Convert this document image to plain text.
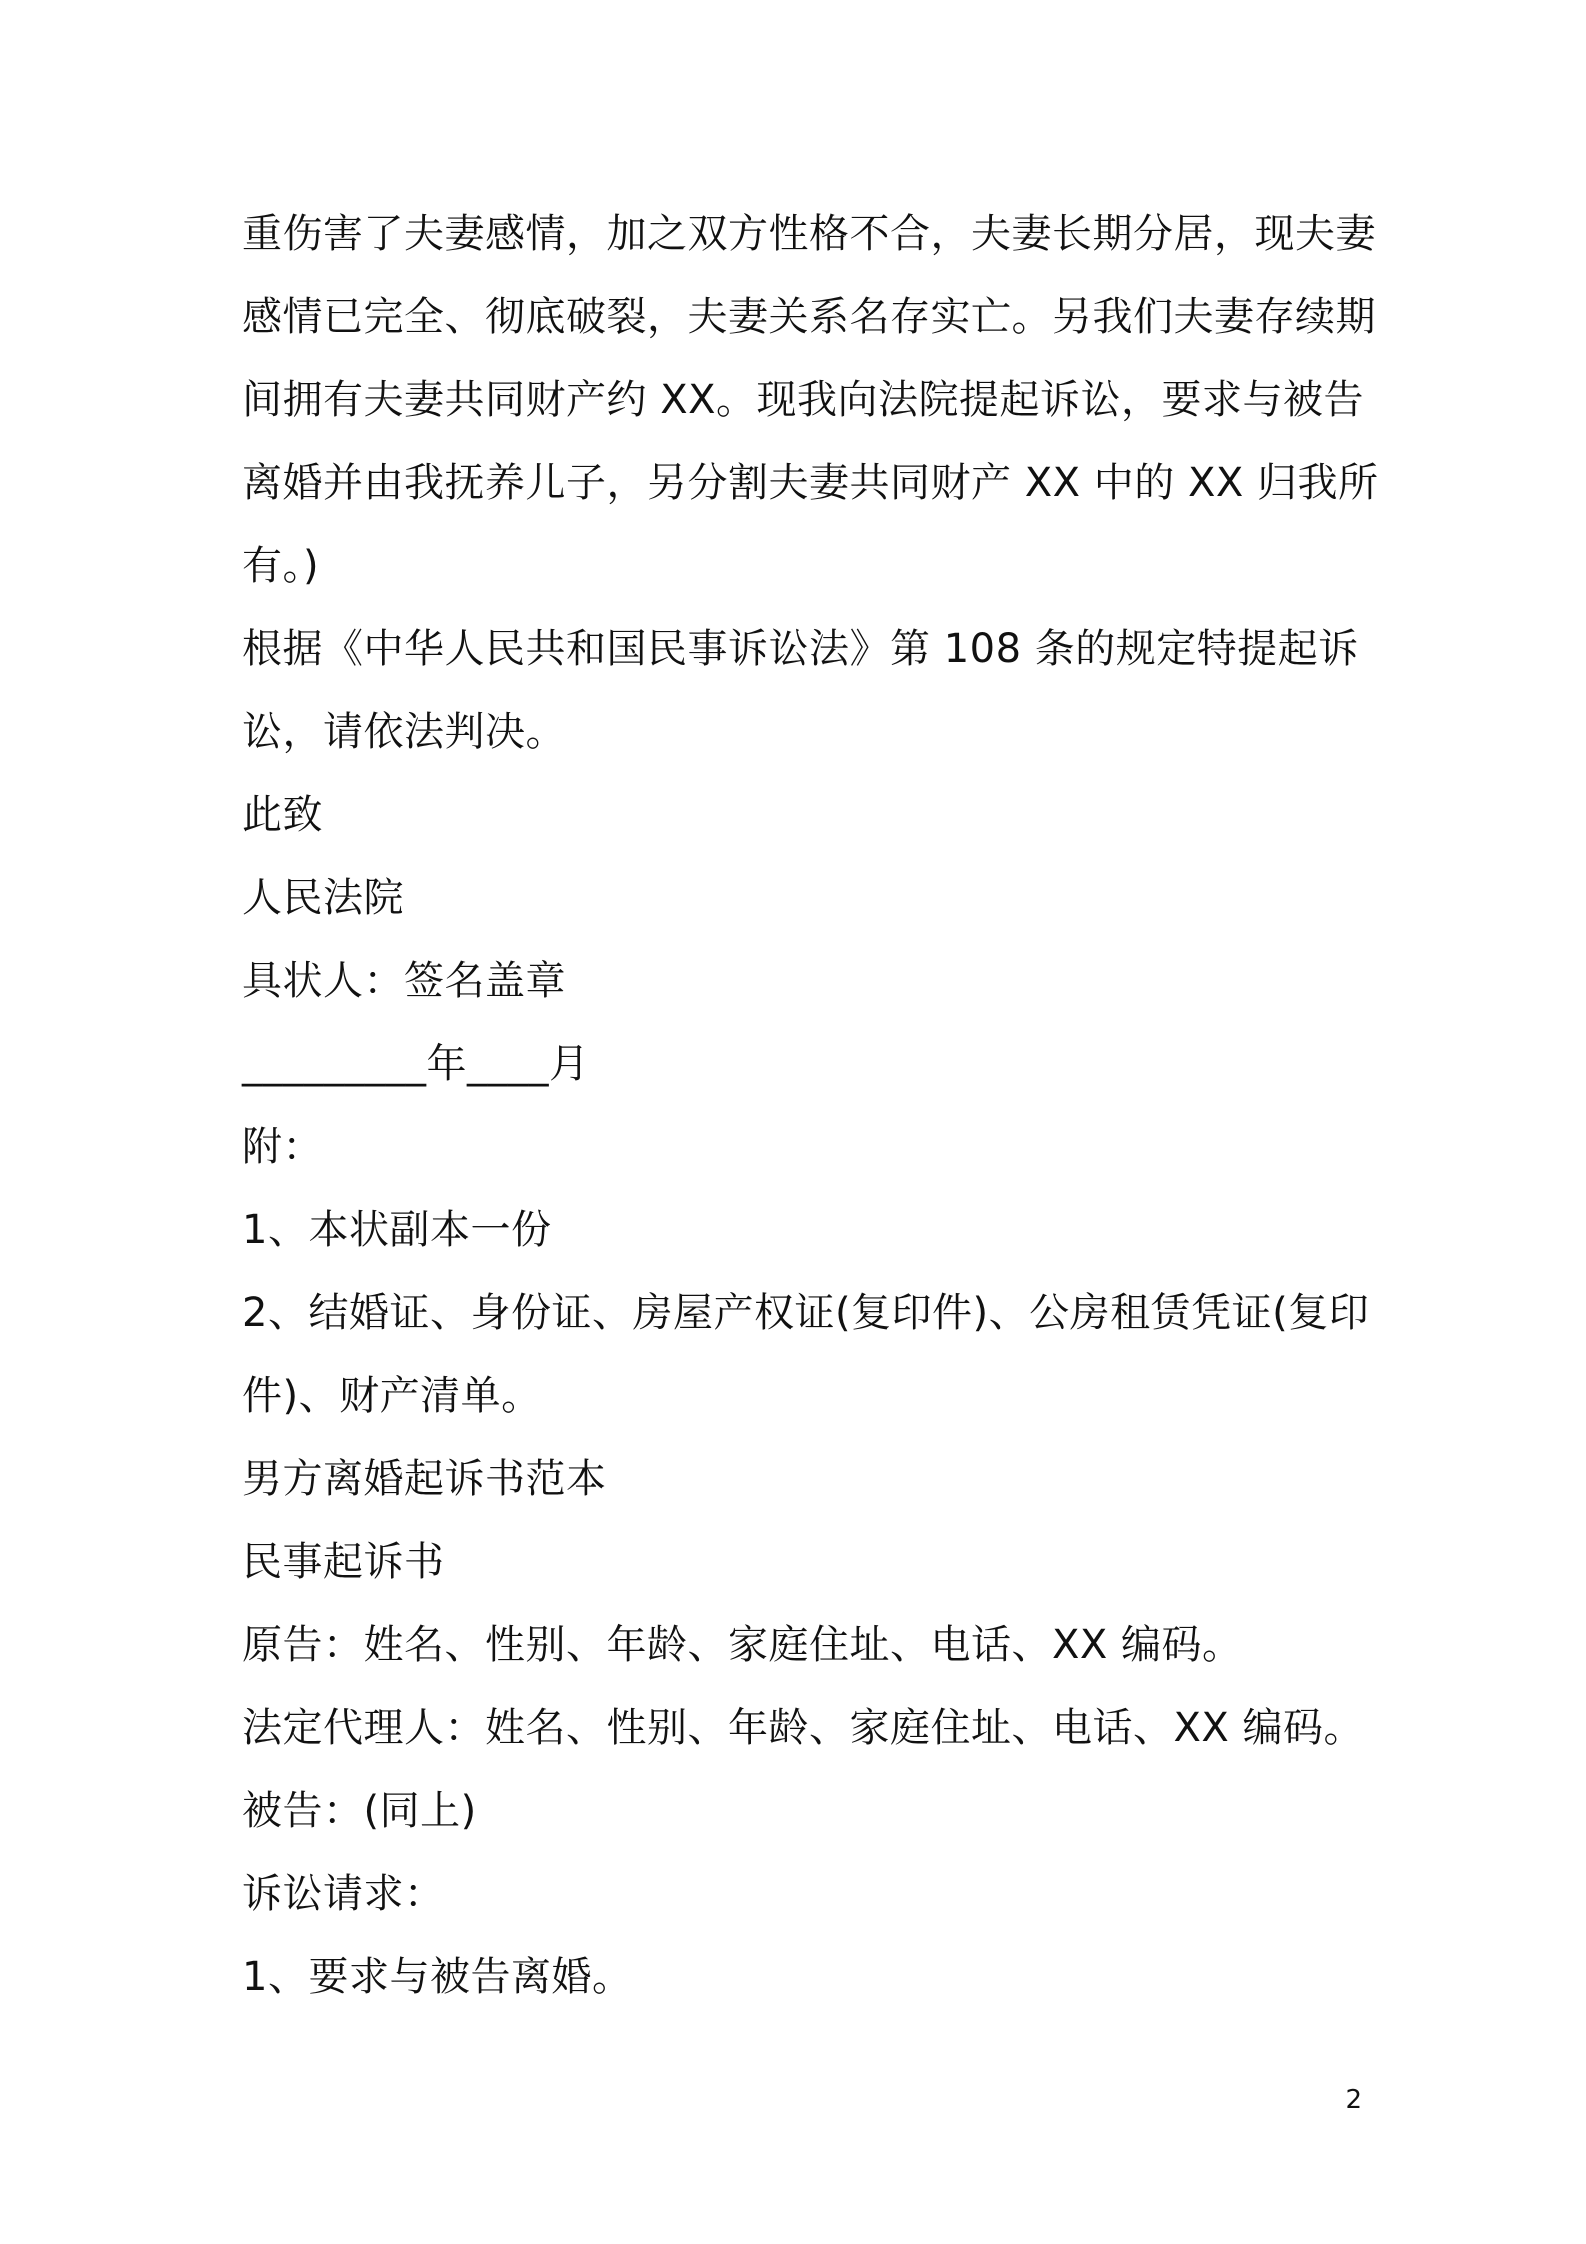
重伤害了夫妻感情，加之双方性格不合，夫妻长期分居，现夫妻
感情已完全、彻底破裂，夫妻关系名存实亡。另我们夫妻存续期
间拥有夫妻共同财产约 XX。现我向法院提起诉讼，要求与被告
离婚并由我抚养儿子，另分割夫妻共同财产 XX 中的 XX 归我所
有。)
根据《中华人民共和国民事诉讼法》第 108 条的规定特提起诉
讼，请依法判决。
此致
人民法院
具状人：签名盖章
_________年____月
附：
1、本状副本一份
2、结婚证、身份证、房屋产权证(复印件)、公房租赁凭证(复印
件)、财产清单。
男方离婚起诉书范本
民事起诉书
原告：姓名、性别、年龄、家庭住址、电话、XX 编码。
法定代理人：姓名、性别、年龄、家庭住址、电话、XX 编码。
被告：(同上)
诉讼请求：
1、要求与被告离婚。
2
